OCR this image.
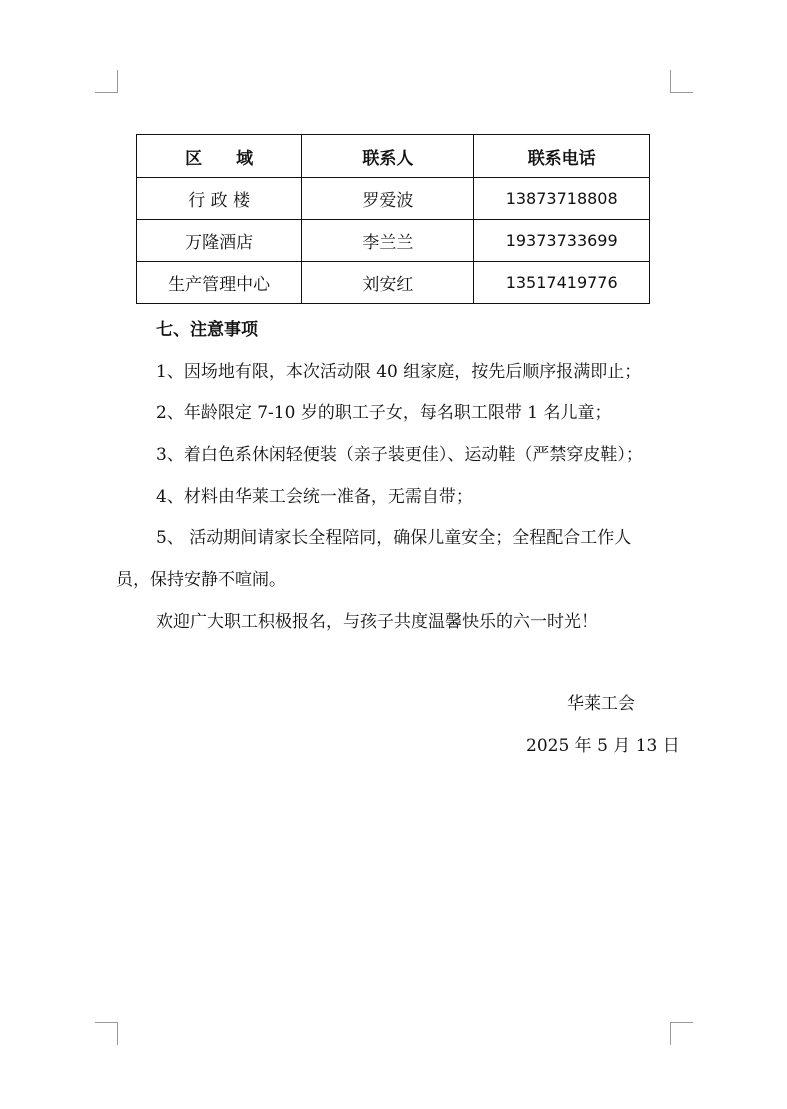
区　　域	联系人	联系电话
行 政 楼	罗爱波	13873718808
万隆酒店	李兰兰	19373733699
生产管理中心	刘安红	13517419776
七、注意事项
1、因场地有限，本次活动限 40 组家庭，按先后顺序报满即止；
2、年龄限定 7-10 岁的职工子女，每名职工限带 1 名儿童；
3、着白色系休闲轻便装（亲子装更佳）、运动鞋（严禁穿皮鞋）；
4、材料由华莱工会统一准备，无需自带；
5、 活动期间请家长全程陪同，确保儿童安全；全程配合工作人
员，保持安静不喧闹。
欢迎广大职工积极报名，与孩子共度温馨快乐的六一时光！
华莱工会
2025 年 5 月 13 日
